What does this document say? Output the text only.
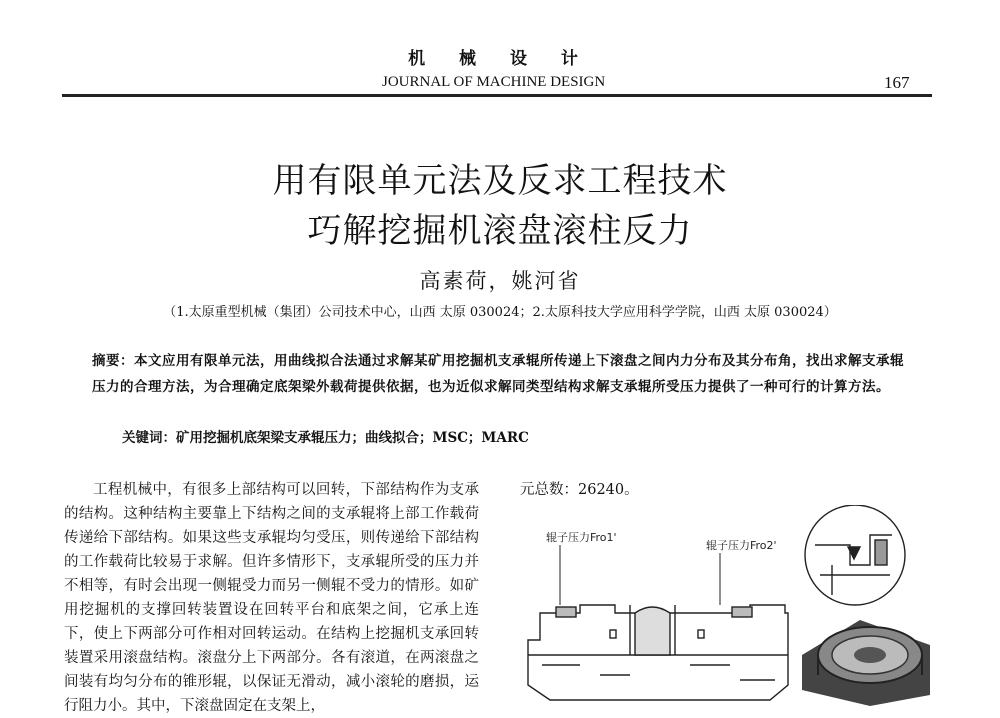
机 械 设 计
JOURNAL OF MACHINE DESIGN	167
用有限单元法及反求工程技术
巧解挖掘机滚盘滚柱反力
高素荷，姚河省
（1.太原重型机械（集团）公司技术中心，山西 太原 030024；2.太原科技大学应用科学学院，山西 太原 030024）
摘要：本文应用有限单元法，用曲线拟合法通过求解某矿用挖掘机支承辊所传递上下滚盘之间内力分布及其分布角，找出求解支承辊压力的合理方法，为合理确定底架梁外载荷提供依据，也为近似求解同类型结构求解支承辊所受压力提供了一种可行的计算方法。
关键词：矿用挖掘机底架梁支承辊压力；曲线拟合；MSC；MARC
工程机械中，有很多上部结构可以回转，下部结构作为支承的结构。这种结构主要靠上下结构之间的支承辊将上部工作载荷传递给下部结构。如果这些支承辊均匀受压，则传递给下部结构的工作载荷比较易于求解。但许多情形下，支承辊所受的压力并不相等，有时会出现一侧辊受力而另一侧辊不受力的情形。如矿用挖掘机的支撑回转装置设在回转平台和底架之间，它承上连下，使上下两部分可作相对回转运动。在结构上挖掘机支承回转装置采用滚盘结构。滚盘分上下两部分。各有滚道，在两滚盘之间装有均匀分布的锥形辊，以保证无滑动，减小滚轮的磨损，运行阻力小。其中，下滚盘固定在支架上，
元总数：26240。
辊子压力Fro1'
辊子压力Fro2'
